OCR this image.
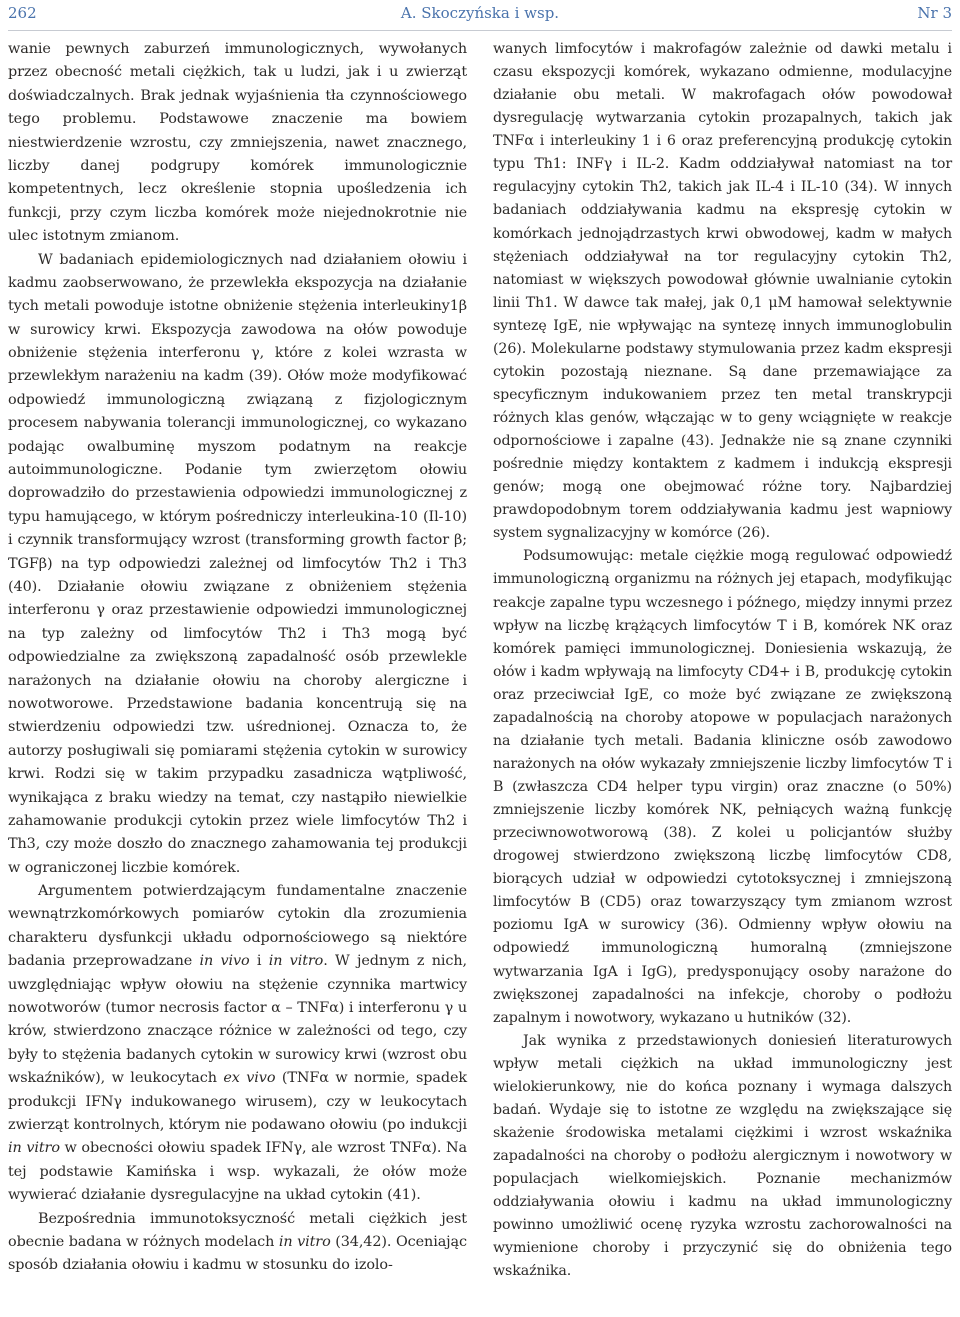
262	A. Skoczyńska i wsp.	Nr 3

wanie pewnych zaburzeń immunologicznych, wywołanych przez obecność metali ciężkich, tak u ludzi, jak i u zwierząt doświadczalnych. Brak jednak wyjaśnienia tła czynnościowego tego problemu. Podstawowe znaczenie ma bowiem niestwierdzenie wzrostu, czy zmniejszenia, nawet znacznego, liczby danej podgrupy komórek immunologicznie kompetentnych, lecz określenie stopnia upośledzenia ich funkcji, przy czym liczba komórek może niejednokrotnie nie ulec istotnym zmianom.

W badaniach epidemiologicznych nad działaniem ołowiu i kadmu zaobserwowano, że przewlekła ekspozycja na działanie tych metali powoduje istotne obniżenie stężenia interleukiny1β w surowicy krwi. Ekspozycja zawodowa na ołów powoduje obniżenie stężenia interferonu γ, które z kolei wzrasta w przewlekłym narażeniu na kadm (39). Ołów może modyfikować odpowiedź immunologiczną związaną z fizjologicznym procesem nabywania tolerancji immunologicznej, co wykazano podając owalbuminę myszom podatnym na reakcje autoimmunologiczne. Podanie tym zwierzętom ołowiu doprowadziło do przestawienia odpowiedzi immunologicznej z typu hamującego, w którym pośredniczy interleukina-10 (Il-10) i czynnik transformujący wzrost (transforming growth factor β; TGFβ) na typ odpowiedzi zależnej od limfocytów Th2 i Th3 (40). Działanie ołowiu związane z obniżeniem stężenia interferonu γ oraz przestawienie odpowiedzi immunologicznej na typ zależny od limfocytów Th2 i Th3 mogą być odpowiedzialne za zwiększoną zapadalność osób przewlekle narażonych na działanie ołowiu na choroby alergiczne i nowotworowe. Przedstawione badania koncentrują się na stwierdzeniu odpowiedzi tzw. uśrednionej. Oznacza to, że autorzy posługiwali się pomiarami stężenia cytokin w surowicy krwi. Rodzi się w takim przypadku zasadnicza wątpliwość, wynikająca z braku wiedzy na temat, czy nastąpiło niewielkie zahamowanie produkcji cytokin przez wiele limfocytów Th2 i Th3, czy może doszło do znacznego zahamowania tej produkcji w ograniczonej liczbie komórek.

Argumentem potwierdzającym fundamentalne znaczenie wewnątrzkomórkowych pomiarów cytokin dla zrozumienia charakteru dysfunkcji układu odpornościowego są niektóre badania przeprowadzane in vivo i in vitro. W jednym z nich, uwzględniając wpływ ołowiu na stężenie czynnika martwicy nowotworów (tumor necrosis factor α – TNFα) i interferonu γ u krów, stwierdzono znaczące różnice w zależności od tego, czy były to stężenia badanych cytokin w surowicy krwi (wzrost obu wskaźników), w leukocytach ex vivo (TNFα w normie, spadek produkcji IFNγ indukowanego wirusem), czy w leukocytach zwierząt kontrolnych, którym nie podawano ołowiu (po indukcji in vitro w obecności ołowiu spadek IFNγ, ale wzrost TNFα). Na tej podstawie Kamińska i wsp. wykazali, że ołów może wywierać działanie dysregulacyjne na układ cytokin (41).

Bezpośrednia immunotoksyczność metali ciężkich jest obecnie badana w różnych modelach in vitro (34,42). Oceniając sposób działania ołowiu i kadmu w stosunku do izolo-

wanych limfocytów i makrofagów zależnie od dawki metalu i czasu ekspozycji komórek, wykazano odmienne, modulacyjne działanie obu metali. W makrofagach ołów powodował dysregulację wytwarzania cytokin prozapalnych, takich jak TNFα i interleukiny 1 i 6 oraz preferencyjną produkcję cytokin typu Th1: INFγ i IL-2. Kadm oddziaływał natomiast na tor regulacyjny cytokin Th2, takich jak IL-4 i IL-10 (34). W innych badaniach oddziaływania kadmu na ekspresję cytokin w komórkach jednojądrzastych krwi obwodowej, kadm w małych stężeniach oddziaływał na tor regulacyjny cytokin Th2, natomiast w większych powodował głównie uwalnianie cytokin linii Th1. W dawce tak małej, jak 0,1 μM hamował selektywnie syntezę IgE, nie wpływając na syntezę innych immunoglobulin (26). Molekularne podstawy stymulowania przez kadm ekspresji cytokin pozostają nieznane. Są dane przemawiające za specyficznym indukowaniem przez ten metal transkrypcji różnych klas genów, włączając w to geny wciągnięte w reakcje odpornościowe i zapalne (43). Jednakże nie są znane czynniki pośrednie między kontaktem z kadmem i indukcją ekspresji genów; mogą one obejmować różne tory. Najbardziej prawdopodobnym torem oddziaływania kadmu jest wapniowy system sygnalizacyjny w komórce (26).

Podsumowując: metale ciężkie mogą regulować odpowiedź immunologiczną organizmu na różnych jej etapach, modyfikując reakcje zapalne typu wczesnego i późnego, między innymi przez wpływ na liczbę krążących limfocytów T i B, komórek NK oraz komórek pamięci immunologicznej. Doniesienia wskazują, że ołów i kadm wpływają na limfocyty CD4+ i B, produkcję cytokin oraz przeciwciał IgE, co może być związane ze zwiększoną zapadalnością na choroby atopowe w populacjach narażonych na działanie tych metali. Badania kliniczne osób zawodowo narażonych na ołów wykazały zmniejszenie liczby limfocytów T i B (zwłaszcza CD4 helper typu virgin) oraz znaczne (o 50%) zmniejszenie liczby komórek NK, pełniących ważną funkcję przeciwnowotworową (38). Z kolei u policjantów służby drogowej stwierdzono zwiększoną liczbę limfocytów CD8, biorących udział w odpowiedzi cytotoksycznej i zmniejszoną limfocytów B (CD5) oraz towarzyszący tym zmianom wzrost poziomu IgA w surowicy (36). Odmienny wpływ ołowiu na odpowiedź immunologiczną humoralną (zmniejszone wytwarzania IgA i IgG), predysponujący osoby narażone do zwiększonej zapadalności na infekcje, choroby o podłożu zapalnym i nowotwory, wykazano u hutników (32).

Jak wynika z przedstawionych doniesień literaturowych wpływ metali ciężkich na układ immunologiczny jest wielokierunkowy, nie do końca poznany i wymaga dalszych badań. Wydaje się to istotne ze względu na zwiększające się skażenie środowiska metalami ciężkimi i wzrost wskaźnika zapadalności na choroby o podłożu alergicznym i nowotwory w populacjach wielkomiejskich. Poznanie mechanizmów oddziaływania ołowiu i kadmu na układ immunologiczny powinno umożliwić ocenę ryzyka wzrostu zachorowalności na wymienione choroby i przyczynić się do obniżenia tego wskaźnika.
